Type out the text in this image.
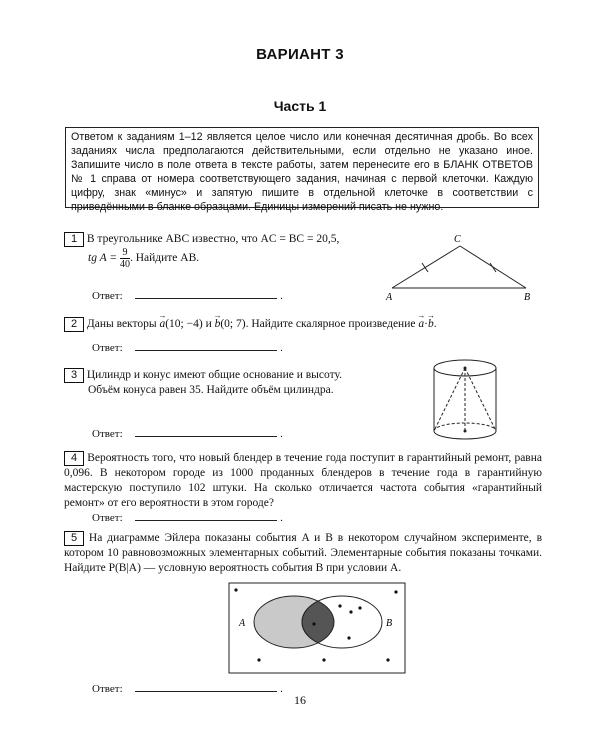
ВАРИАНТ 3
Часть 1
Ответом к заданиям 1–12 является целое число или конечная десятичная дробь. Во всех заданиях числа предполагаются действительными, если отдельно не указано иное. Запишите число в поле ответа в тексте работы, затем перенесите его в БЛАНК ОТВЕТОВ № 1 справа от номера соответствующего задания, начиная с первой клеточки. Каждую цифру, знак «минус» и запятую пишите в отдельной клеточке в соответствии с приведёнными в бланке образцами. Единицы измерений писать не нужно.
1 В треугольнике ABC известно, что AC = BC = 20,5,
tg $A = \frac{9}{40}$ . Найдите AB.
Ответ:	.
C
A	B
2 Даны векторы → a(10; −4) и → b(0; 7). Найдите скалярное произведение → a·→ b.
Ответ:	.
3 Цилиндр и конус имеют общие основание и высоту.
Объём конуса равен 35. Найдите объём цилиндра.
Ответ:	.
4 Вероятность того, что новый блендер в течение года поступит в гарантийный ремонт, равна 0,096. В некотором городе из 1000 проданных блендеров в течение года в гарантийную мастерскую поступило 102 штуки. На сколько отличается частота события «гарантийный ремонт» от его вероятности в этом городе?
Ответ:	.
5 На диаграмме Эйлера показаны события A и B в некотором случайном эксперименте, в котором 10 равновозможных элементарных событий. Элементарные события показаны точками. Найдите P(B|A) — условную вероятность события B при условии A.
A	B
Ответ:	.
16
